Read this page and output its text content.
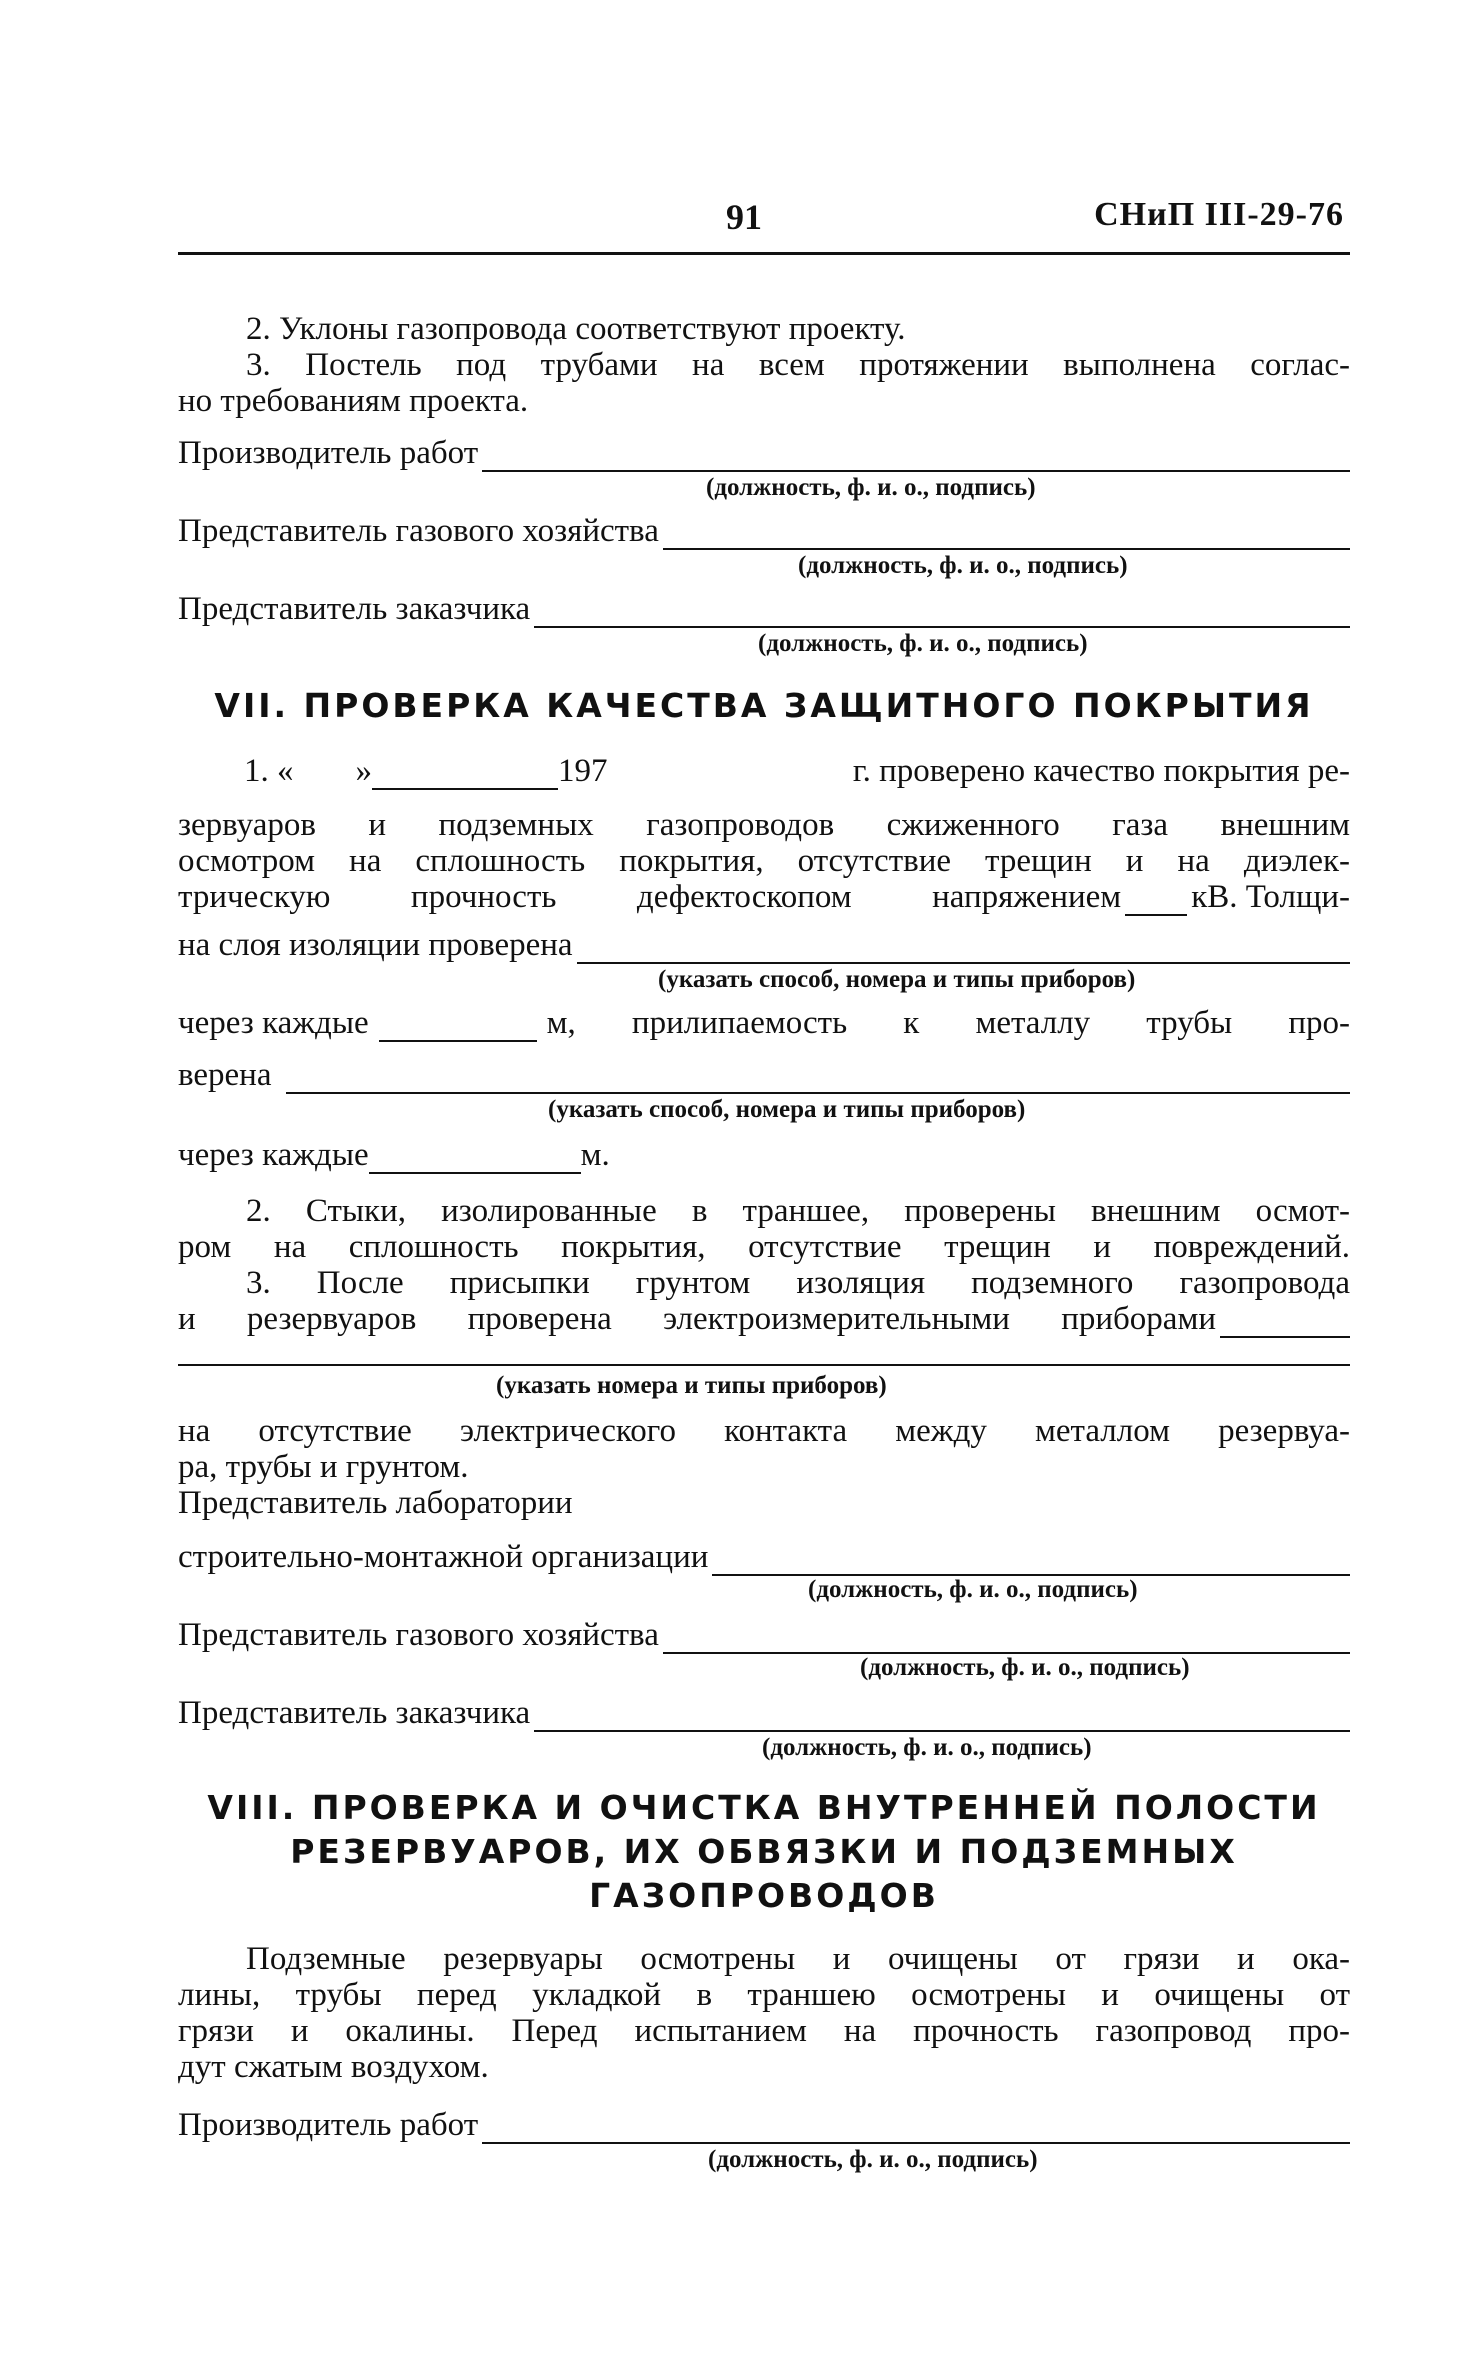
91	СНиП III-29-76
2. Уклоны газопровода соответствуют проекту.
3. Постель под трубами на всем протяжении выполнена соглас-
но требованиям проекта.
Производитель работ
(должность, ф. и. о., подпись)
Представитель газового хозяйства
(должность, ф. и. о., подпись)
Представитель заказчика
(должность, ф. и. о., подпись)
VII. ПРОВЕРКА КАЧЕСТВА ЗАЩИТНОГО ПОКРЫТИЯ
1. « »	197	г. проверено качество покрытия ре-
зервуаров и подземных газопроводов сжиженного газа внешним
осмотром на сплошность покрытия, отсутствие трещин и на диэлек-
трическую прочность дефектоскопом напряжением кВ. Толщи-
на слоя изоляции проверена
(указать способ, номера и типы приборов)
через каждые	м, прилипаемость к металлу трубы про-
верена
(указать способ, номера и типы приборов)
через каждые	м.
2. Стыки, изолированные в траншее, проверены внешним осмот-
ром на сплошность покрытия, отсутствие трещин и повреждений.
3. После присыпки грунтом изоляция подземного газопровода
и резервуаров проверена электроизмерительными приборами
(указать номера и типы приборов)
на отсутствие электрического контакта между металлом резервуа-
ра, трубы и грунтом.
Представитель лаборатории
строительно-монтажной организации
(должность, ф. и. о., подпись)
Представитель газового хозяйства
(должность, ф. и. о., подпись)
Представитель заказчика
(должность, ф. и. о., подпись)
VIII. ПРОВЕРКА И ОЧИСТКА ВНУТРЕННЕЙ ПОЛОСТИ
РЕЗЕРВУАРОВ, ИХ ОБВЯЗКИ И ПОДЗЕМНЫХ
ГАЗОПРОВОДОВ
Подземные резервуары осмотрены и очищены от грязи и ока-
лины, трубы перед укладкой в траншею осмотрены и очищены от
грязи и окалины. Перед испытанием на прочность газопровод про-
дут сжатым воздухом.
Производитель работ
(должность, ф. и. о., подпись)
